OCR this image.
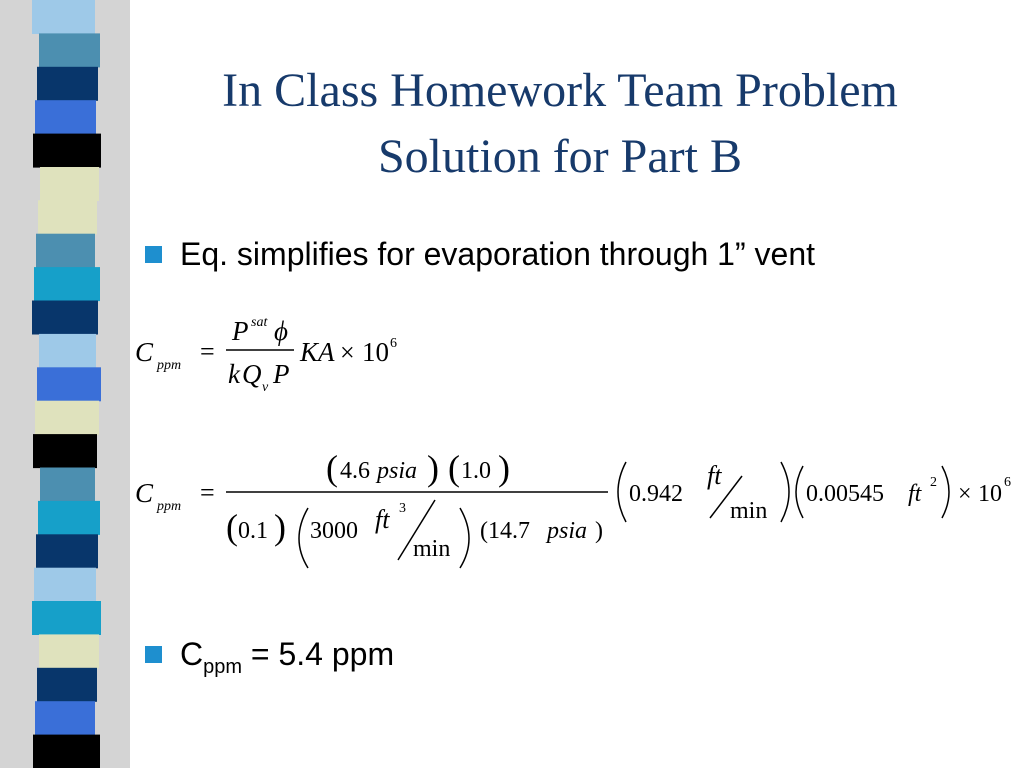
In Class Homework Team Problem
Solution for Part B
Eq. simplifies for evaporation through 1” vent
C ppm =
P sat ϕ
k Q v P
KA × 10 6
C ppm =
( 4.6 psia ) ( 1.0 )
( 0.1 ) 3000 ft 3
min
(14.7 psia )
0.942
ft
min
0.00545 ft 2 × 10 6
$C_{ppm} = 5.4$ ppm
